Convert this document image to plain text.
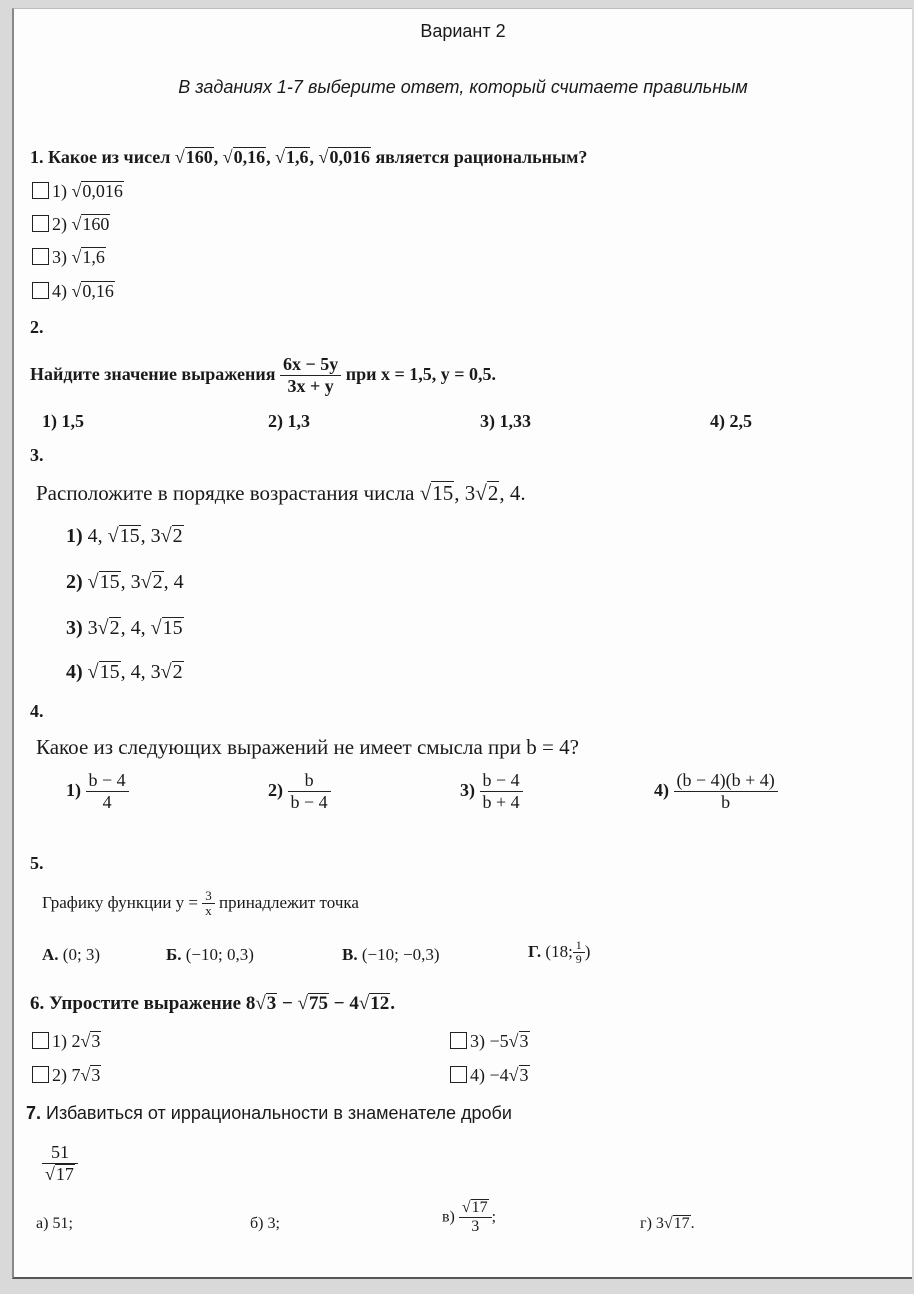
Вариант 2
В заданиях 1-7 выберите ответ, который считаете правильным
1. Какое из чисел √160, √0,16, √1,6, √0,016 является рациональным?
1) √0,016
2) √160
3) √1,6
4) √0,16
2.
Найдите значение выражения $\frac{6x - 5y}{3x + y}$ при x = 1,5, y = 0,5.
1) 1,5	2) 1,3	3) 1,33	4) 2,5
3.
Расположите в порядке возрастания числа √15, 3√2, 4.
1) 4, √15, 3√2
2) √15, 3√2, 4
3) 3√2, 4, √15
4) √15, 4, 3√2
4.
Какое из следующих выражений не имеет смысла при b = 4?
$1) \frac{b - 4}{4}$	$2) \frac{b}{b - 4}$	$3) \frac{b - 4}{b + 4}$	$4) \frac{(b - 4)(b + 4)}{b}$
5.
Графику функции $y = \frac{3}{x}$ принадлежит точка
А. (0; 3)	Б. (−10; 0,3)	В. (−10; −0,3)	Г. (18; $\frac{1}{9}$ )
6. Упростите выражение 8√3 − √75 − 4√12.
1) 2√3
2) 7√3
3) −5√3
4) −4√3
7. Избавиться от иррациональности в знаменателе дроби
$\frac{51}{√17}$
а) 51;	б) 3;	$в) \frac{√17}{3}$ ;	г) 3√17.
